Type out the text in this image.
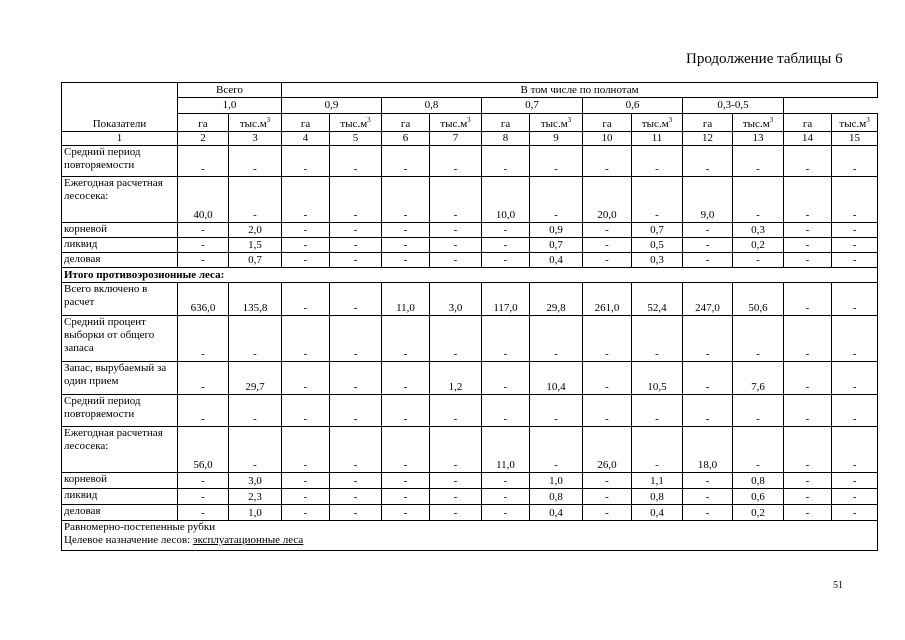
Продолжение таблицы 6
Показатели	Всего		В том числе по полнотам											
	1,0		0,9		0,8		0,7		0,6		0,3-0,5			
	га	$тыс.м^3$	га	$тыс.м^3$	га	$тыс.м^3$	га	$тыс.м^3$	га	$тыс.м^3$	га	$тыс.м^3$	га	$тыс.м^3$
1	2	3	4	5	6	7	8	9	10	11	12	13	14	15
Средний период повторяемости	-	-	-	-	-	-	-	-	-	-	-	-	-	-
Ежегодная расчетная лесосека:	40,0	-	-	-	-	-	10,0	-	20,0	-	9,0	-	-	-
корневой	-	2,0	-	-	-	-	-	0,9	-	0,7	-	0,3	-	-
ликвид	-	1,5	-	-	-	-	-	0,7	-	0,5	-	0,2	-	-
деловая	-	0,7	-	-	-	-	-	0,4	-	0,3	-	-	-	-
Итого противоэрозионные леса:														
Всего включено в расчет	636,0	135,8	-	-	11,0	3,0	117,0	29,8	261,0	52,4	247,0	50,6	-	-
Средний процент выборки от общего запаса	-	-	-	-	-	-	-	-	-	-	-	-	-	-
Запас, вырубаемый за один прием	-	29,7	-	-	-	1,2	-	10,4	-	10,5	-	7,6	-	-
Средний период повторяемости	-	-	-	-	-	-	-	-	-	-	-	-	-	-
Ежегодная расчетная лесосека:	56,0	-	-	-	-	-	11,0	-	26,0	-	18,0	-	-	-
корневой	-	3,0	-	-	-	-	-	1,0	-	1,1	-	0,8	-	-
ликвид	-	2,3	-	-	-	-	-	0,8	-	0,8	-	0,6	-	-
деловая	-	1,0	-	-	-	-	-	0,4	-	0,4	-	0,2	-	-

Равномерно-постепенные рубки
Целевое назначение лесов: эксплуатационные леса														
51
